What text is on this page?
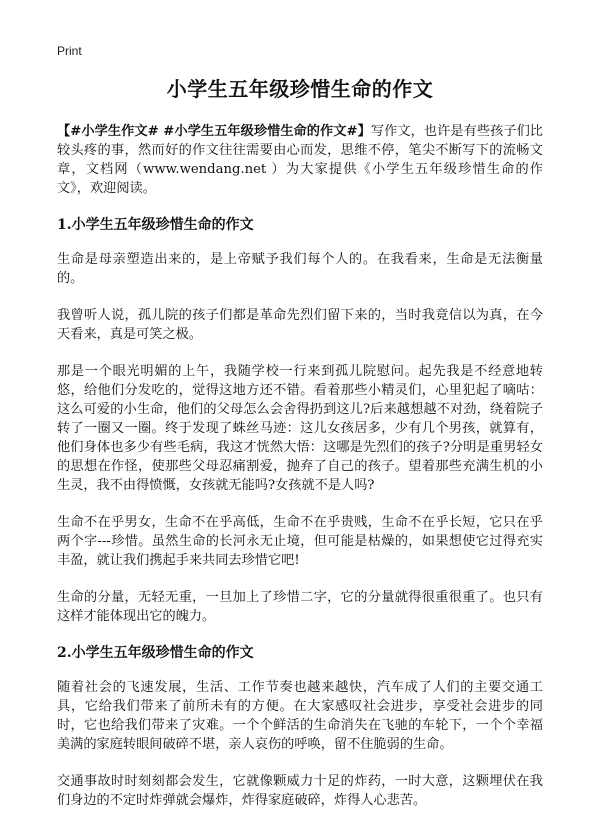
Print
小学生五年级珍惜生命的作文

【#小学生作文# #小学生五年级珍惜生命的作文#】写作文，也许是有些孩子们比较头疼的事，然而好的作文往往需要由心而发，思维不停，笔尖不断写下的流畅文章，文档网（www.wendang.net ）为大家提供《小学生五年级珍惜生命的作文》，欢迎阅读。

1.小学生五年级珍惜生命的作文

生命是母亲塑造出来的，是上帝赋予我们每个人的。在我看来，生命是无法衡量的。

我曾听人说，孤儿院的孩子们都是革命先烈们留下来的，当时我竟信以为真，在今天看来，真是可笑之极。

那是一个眼光明媚的上午，我随学校一行来到孤儿院慰问。起先我是不经意地转悠，给他们分发吃的，觉得这地方还不错。看着那些小精灵们，心里犯起了嘀咕：这么可爱的小生命，他们的父母怎么会舍得扔到这儿?后来越想越不对劲，绕着院子转了一圈又一圈。终于发现了蛛丝马迹：这儿女孩居多，少有几个男孩，就算有，他们身体也多少有些毛病，我这才恍然大悟：这哪是先烈们的孩子?分明是重男轻女的思想在作怪，使那些父母忍痛割爱，抛弃了自己的孩子。望着那些充满生机的小生灵，我不由得愤慨，女孩就无能吗?女孩就不是人吗?

生命不在乎男女，生命不在乎高低，生命不在乎贵贱，生命不在乎长短，它只在乎两个字---珍惜。虽然生命的长河永无止境，但可能是枯燥的，如果想使它过得充实丰盈，就让我们携起手来共同去珍惜它吧!

生命的分量，无轻无重，一旦加上了珍惜二字，它的分量就得很重很重了。也只有这样才能体现出它的魄力。

2.小学生五年级珍惜生命的作文

随着社会的飞速发展，生活、工作节奏也越来越快，汽车成了人们的主要交通工具，它给我们带来了前所未有的方便。在大家感叹社会进步，享受社会进步的同时，它也给我们带来了灾难。一个个鲜活的生命消失在飞驰的车轮下，一个个幸福美满的家庭转眼间破碎不堪，亲人哀伤的呼唤，留不住脆弱的生命。

交通事故时时刻刻都会发生，它就像颗威力十足的炸药，一时大意，这颗埋伏在我们身边的不定时炸弹就会爆炸，炸得家庭破碎，炸得人心悲苦。
